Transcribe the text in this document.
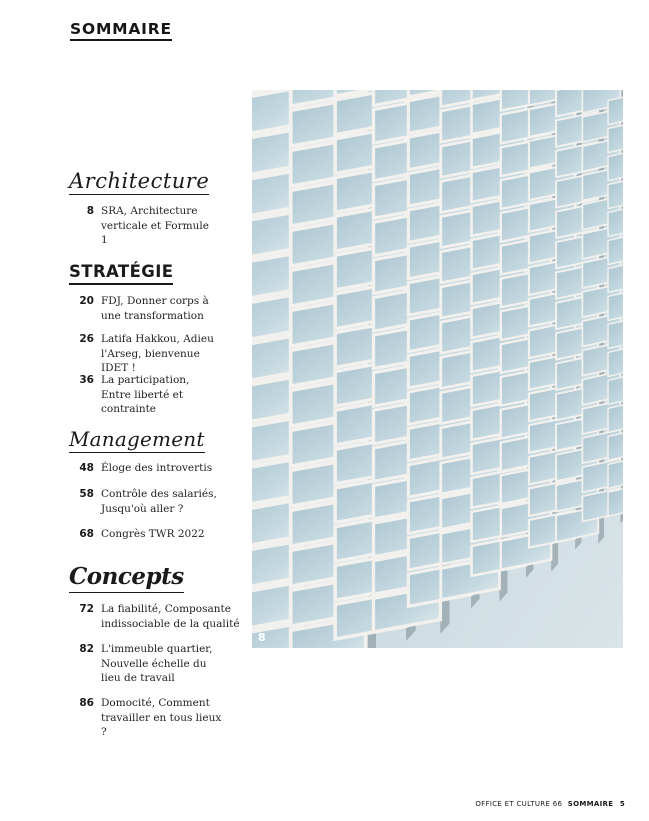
SOMMAIRE
Architecture
8 SRA, Architecture verticale et Formule 1
STRATÉGIE
20 FDJ, Donner corps à une transformation
26 Latifa Hakkou, Adieu l'Arseg, bienvenue IDET !
36 La participation, Entre liberté et contrainte
Management
48 Éloge des introvertis
58 Contrôle des salariés, Jusqu'où aller ?
68 Congrès TWR 2022
Concepts
72 La fiabilité, Composante indissociable de la qualité
82 L'immeuble quartier, Nouvelle échelle du lieu de travail
86 Domocité, Comment travailler en tous lieux ?
8
OFFICE ET CULTURE 66 SOMMAIRE 5
